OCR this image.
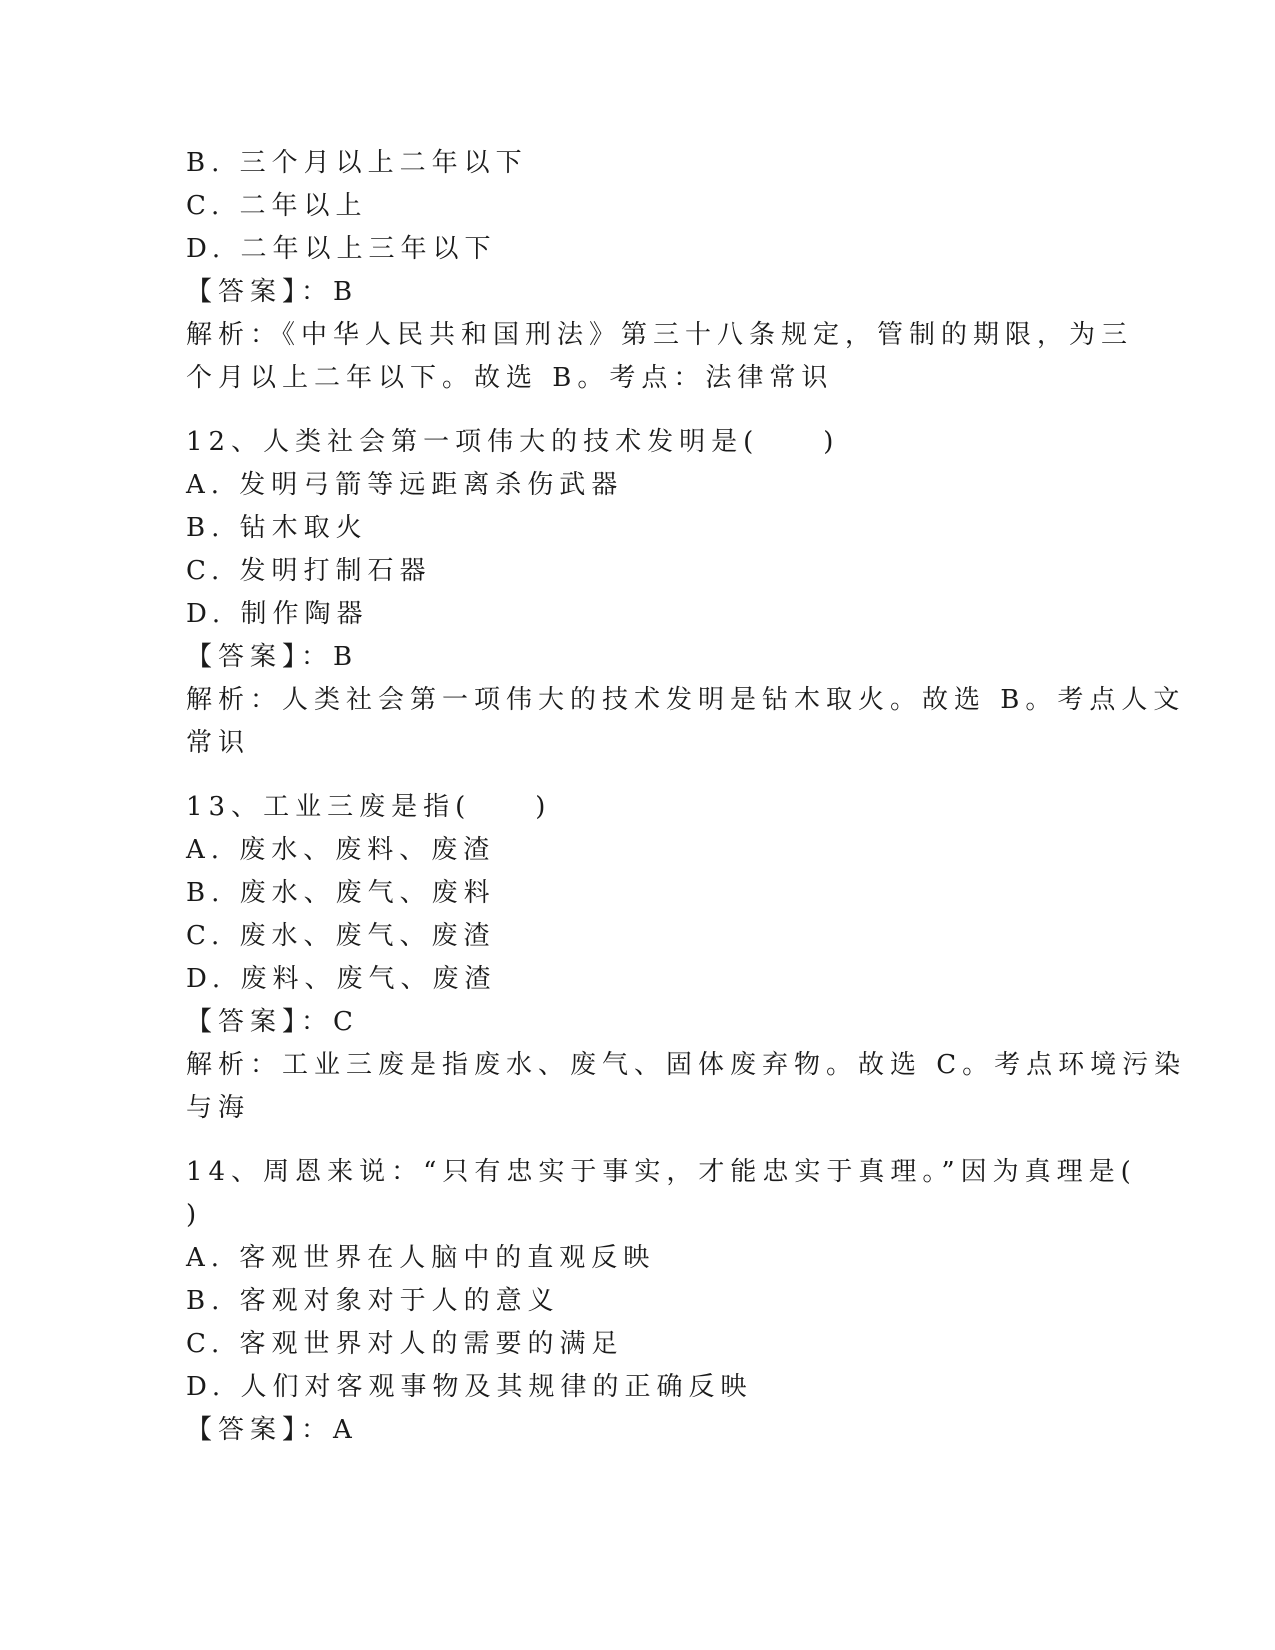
B. 三个月以上二年以下
C. 二年以上
D. 二年以上三年以下
【答案】：B
解析：《中华人民共和国刑法》第三十八条规定，管制的期限，为三
个月以上二年以下。故选 B。考点：法律常识
12、人类社会第一项伟大的技术发明是(　　)
A. 发明弓箭等远距离杀伤武器
B. 钻木取火
C. 发明打制石器
D. 制作陶器
【答案】：B
解析：人类社会第一项伟大的技术发明是钻木取火。故选 B。考点人文
常识
13、工业三废是指(　　)
A. 废水、废料、废渣
B. 废水、废气、废料
C. 废水、废气、废渣
D. 废料、废气、废渣
【答案】：C
解析：工业三废是指废水、废气、固体废弃物。故选 C。考点环境污染
与海
14、周恩来说：“只有忠实于事实，才能忠实于真理。”因为真理是(
)
A. 客观世界在人脑中的直观反映
B. 客观对象对于人的意义
C. 客观世界对人的需要的满足
D. 人们对客观事物及其规律的正确反映
【答案】：A
